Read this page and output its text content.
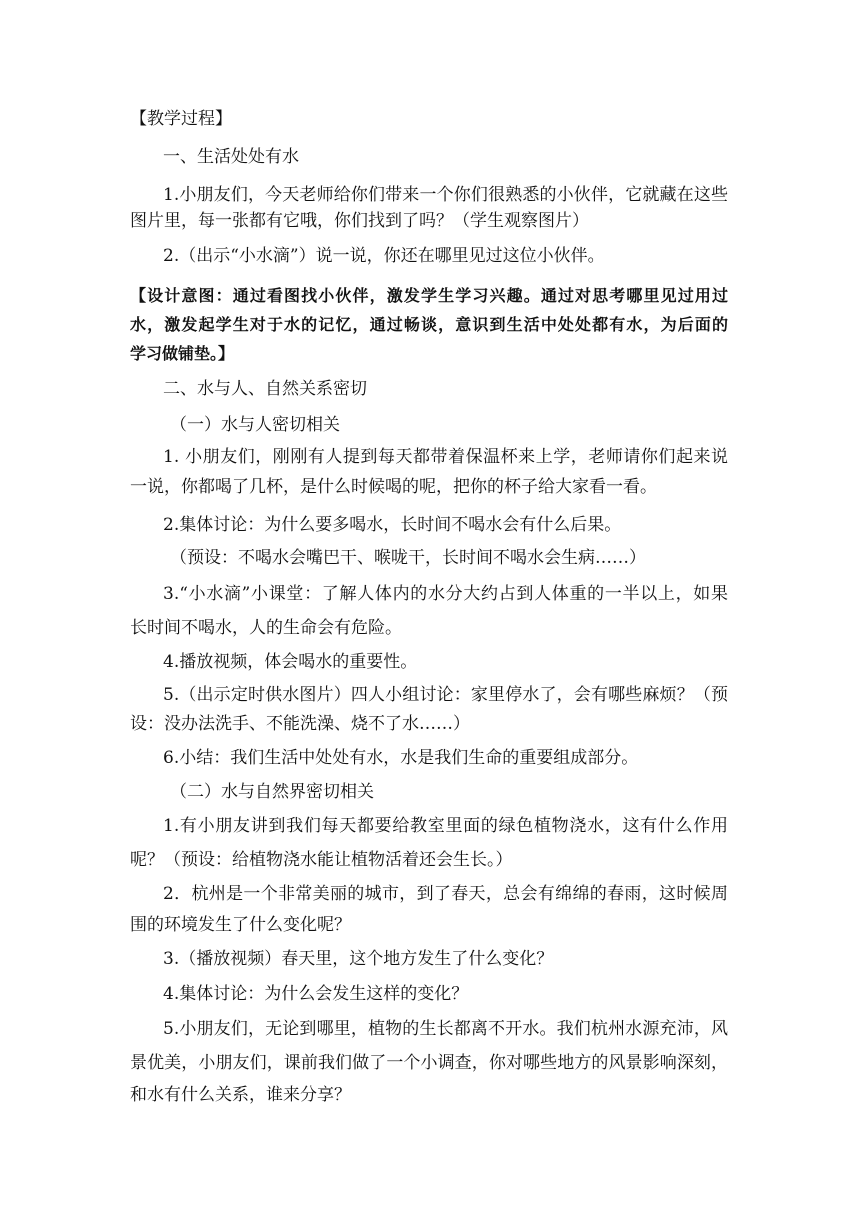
【教学过程】
一、生活处处有水
1.小朋友们，今天老师给你们带来一个你们很熟悉的小伙伴，它就藏在这些
图片里，每一张都有它哦，你们找到了吗？（学生观察图片）
2.（出示“小水滴”）说一说，你还在哪里见过这位小伙伴。
【设计意图：通过看图找小伙伴，激发学生学习兴趣。通过对思考哪里见过用过
水，激发起学生对于水的记忆，通过畅谈，意识到生活中处处都有水，为后面的
学习做铺垫。】
二、水与人、自然关系密切
（一）水与人密切相关
1. 小朋友们，刚刚有人提到每天都带着保温杯来上学，老师请你们起来说
一说，你都喝了几杯，是什么时候喝的呢，把你的杯子给大家看一看。
2.集体讨论：为什么要多喝水，长时间不喝水会有什么后果。
（预设：不喝水会嘴巴干、喉咙干，长时间不喝水会生病……）
3.“小水滴”小课堂：了解人体内的水分大约占到人体重的一半以上，如果
长时间不喝水，人的生命会有危险。
4.播放视频，体会喝水的重要性。
5.（出示定时供水图片）四人小组讨论：家里停水了，会有哪些麻烦？（预
设：没办法洗手、不能洗澡、烧不了水……）
6.小结：我们生活中处处有水，水是我们生命的重要组成部分。
（二）水与自然界密切相关
1.有小朋友讲到我们每天都要给教室里面的绿色植物浇水，这有什么作用
呢？（预设：给植物浇水能让植物活着还会生长。）
2．杭州是一个非常美丽的城市，到了春天，总会有绵绵的春雨，这时候周
围的环境发生了什么变化呢？
3.（播放视频）春天里，这个地方发生了什么变化？
4.集体讨论：为什么会发生这样的变化？
5.小朋友们，无论到哪里，植物的生长都离不开水。我们杭州水源充沛，风
景优美，小朋友们，课前我们做了一个小调查，你对哪些地方的风景影响深刻，
和水有什么关系，谁来分享？
